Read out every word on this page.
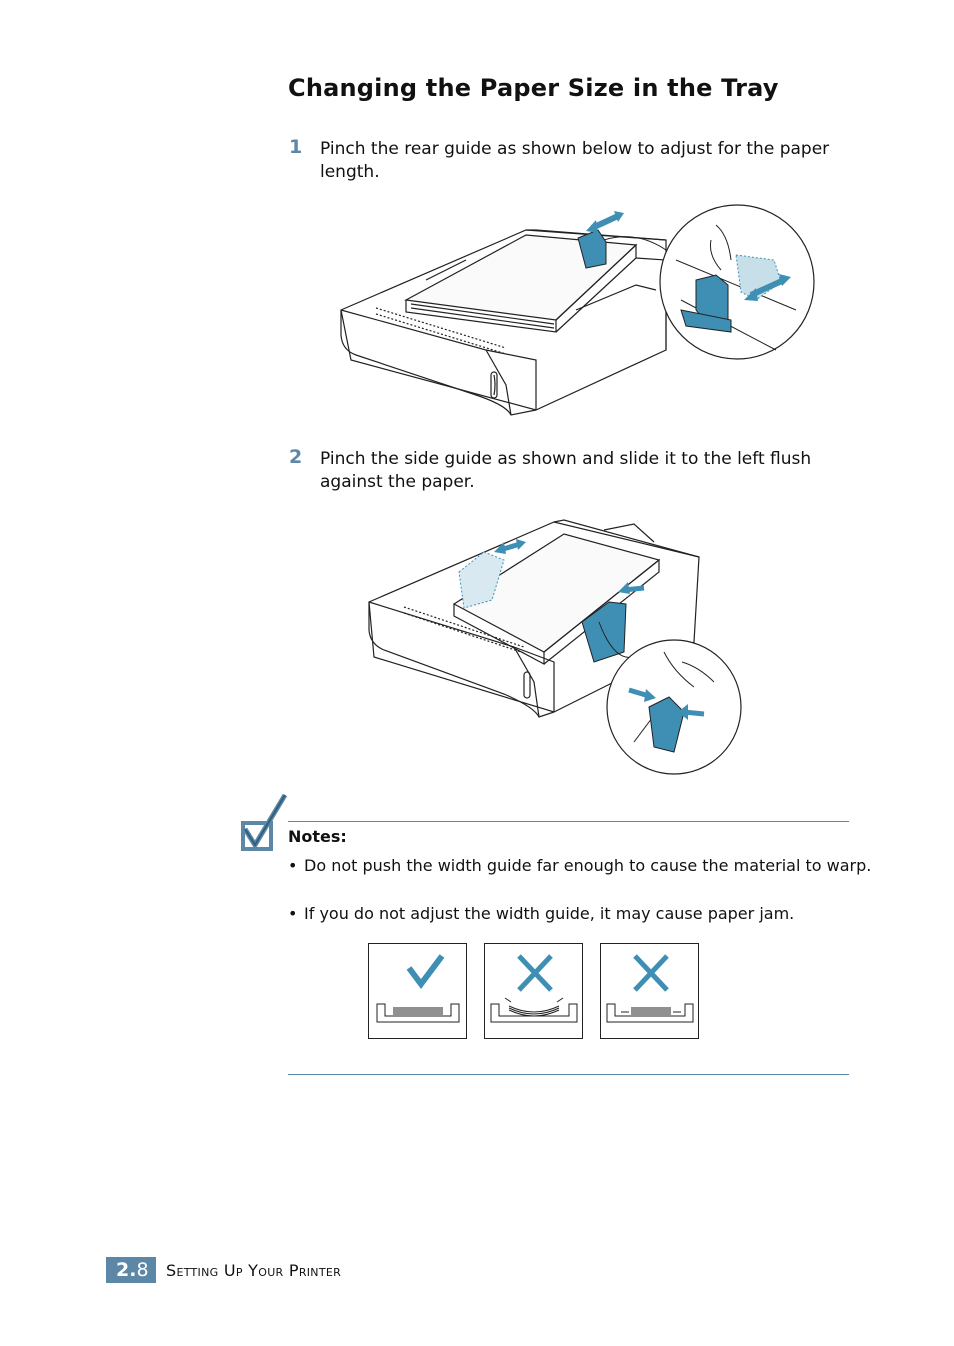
Changing the Paper Size in the Tray
1 Pinch the rear guide as shown below to adjust for the paper length.
2 Pinch the side guide as shown and slide it to the left flush against the paper.
Notes:
• Do not push the width guide far enough to cause the material to warp.
• If you do not adjust the width guide, it may cause paper jam.
2.8	Setting Up Your Printer
